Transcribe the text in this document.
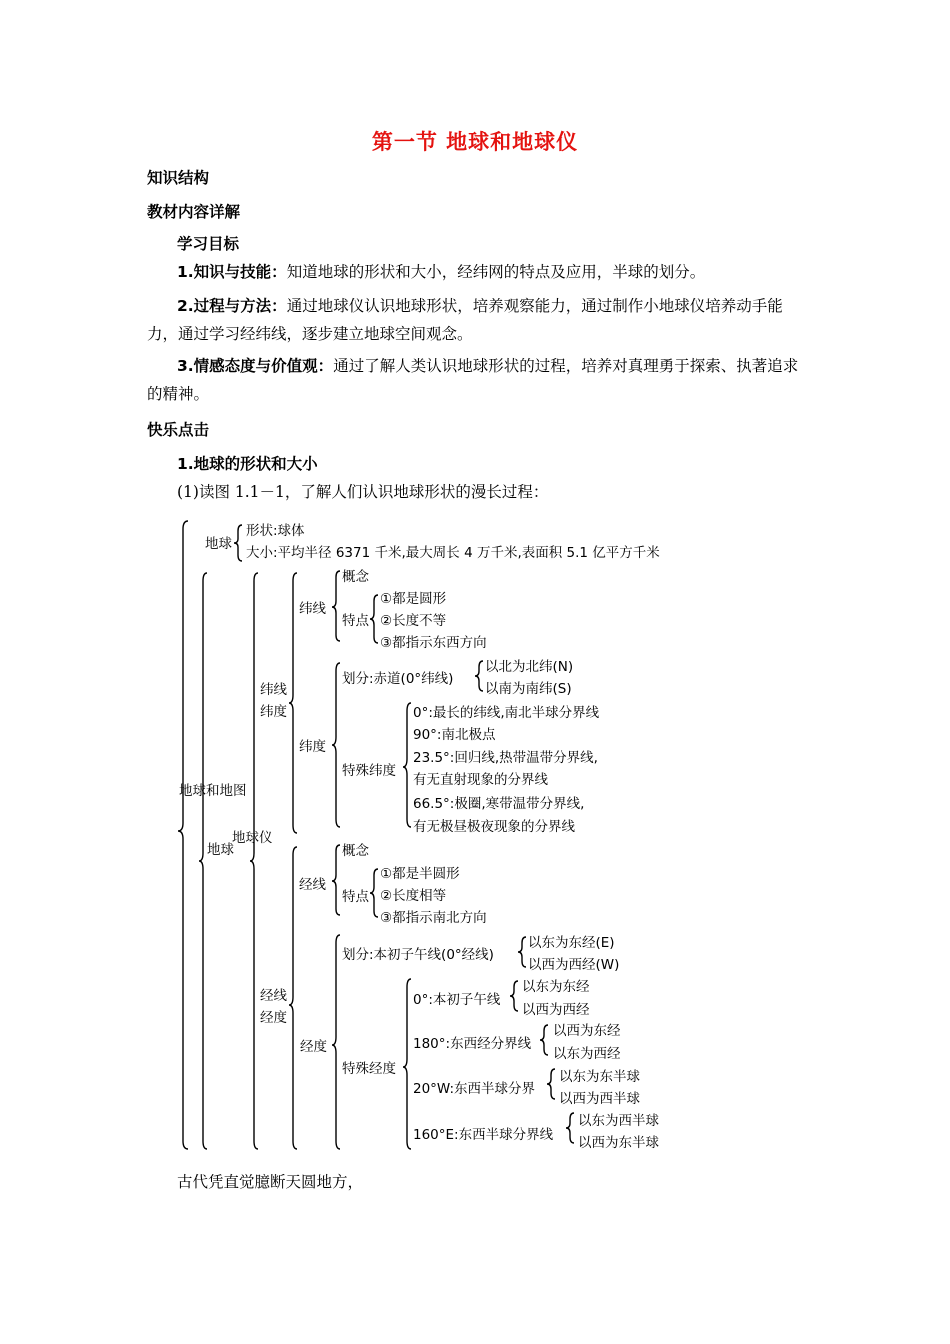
第一节 地球和地球仪
知识结构
教材内容详解
学习目标
1.知识与技能：知道地球的形状和大小，经纬网的特点及应用，半球的划分。
2.过程与方法：通过地球仪认识地球形状，培养观察能力，通过制作小地球仪培养动手能力，通过学习经纬线，逐步建立地球空间观念。
3.情感态度与价值观：通过了解人类认识地球形状的过程，培养对真理勇于探索、执著追求的精神。
快乐点击
1.地球的形状和大小
(1)读图 1.1－1，了解人们认识地球形状的漫长过程：
地球和地图
地球
形状:球体
大小:平均半径 6371 千米,最大周长 4 万千米,表面积 5.1 亿平方千米
地球
地球仪
纬线
纬度
纬线
概念
特点
①都是圆形
②长度不等
③都指示东西方向
纬度
划分:赤道(0°纬线)
以北为北纬(N)
以南为南纬(S)
特殊纬度
0°:最长的纬线,南北半球分界线
90°:南北极点
23.5°:回归线,热带温带分界线,
有无直射现象的分界线
66.5°:极圈,寒带温带分界线,
有无极昼极夜现象的分界线
经线
经度
经线
概念
特点
①都是半圆形
②长度相等
③都指示南北方向
经度
划分:本初子午线(0°经线)
以东为东经(E)
以西为西经(W)
特殊经度
0°:本初子午线
以东为东经
以西为西经
180°:东西经分界线
以西为东经
以东为西经
20°W:东西半球分界
以东为东半球
以西为西半球
160°E:东西半球分界线
以东为西半球
以西为东半球
古代凭直觉臆断天圆地方，
